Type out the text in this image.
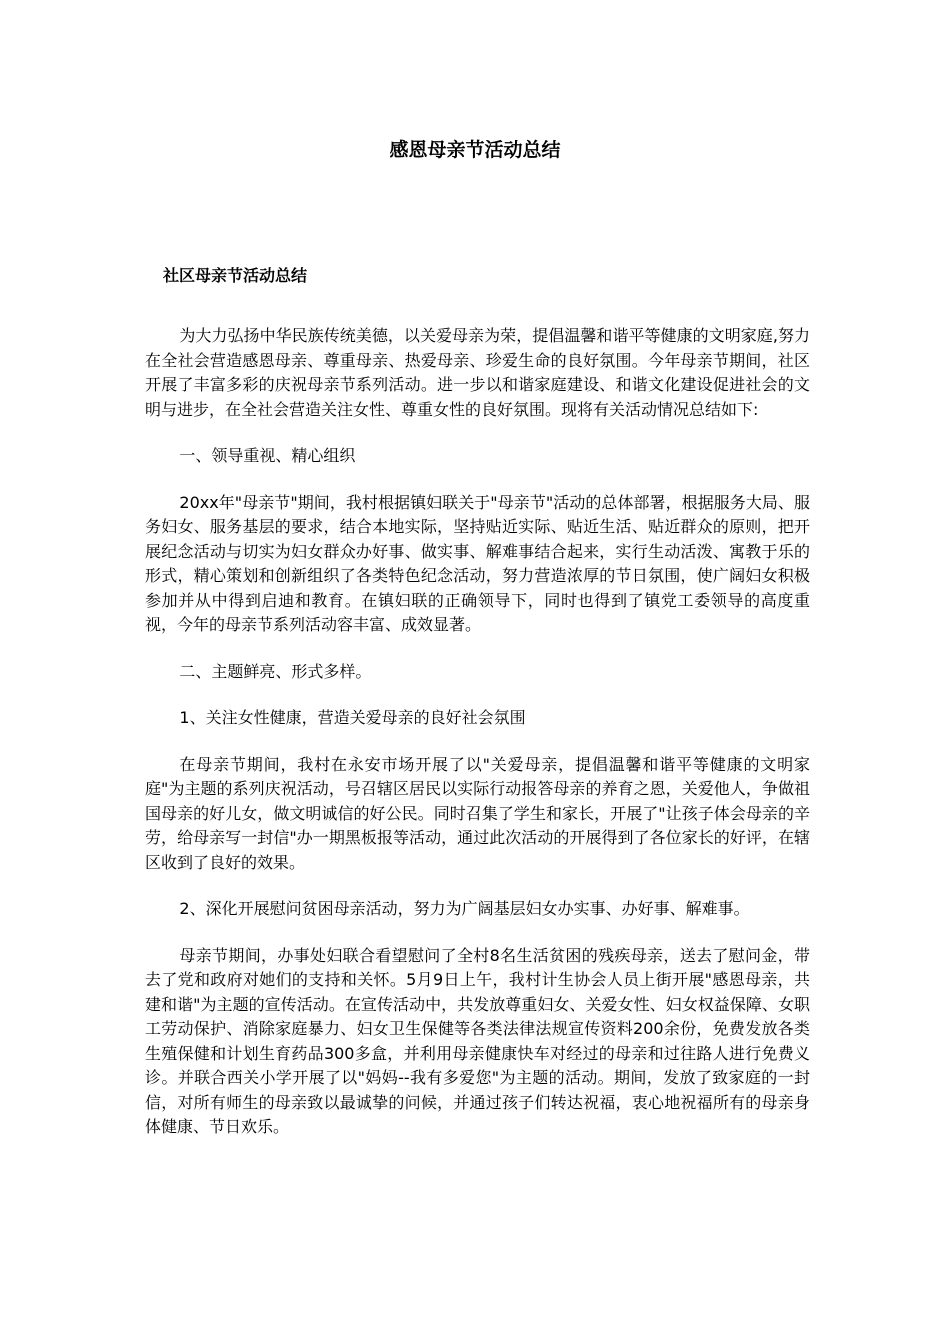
感恩母亲节活动总结
社区母亲节活动总结

为大力弘扬中华民族传统美德，以关爱母亲为荣，提倡温馨和谐平等健康的文明家庭,努力在全社会营造感恩母亲、尊重母亲、热爱母亲、珍爱生命的良好氛围。今年母亲节期间，社区开展了丰富多彩的庆祝母亲节系列活动。进一步以和谐家庭建设、和谐文化建设促进社会的文明与进步，在全社会营造关注女性、尊重女性的良好氛围。现将有关活动情况总结如下:

一、领导重视、精心组织

20xx年"母亲节"期间，我村根据镇妇联关于"母亲节"活动的总体部署，根据服务大局、服务妇女、服务基层的要求，结合本地实际，坚持贴近实际、贴近生活、贴近群众的原则，把开展纪念活动与切实为妇女群众办好事、做实事、解难事结合起来，实行生动活泼、寓教于乐的形式，精心策划和创新组织了各类特色纪念活动，努力营造浓厚的节日氛围，使广阔妇女积极参加并从中得到启迪和教育。在镇妇联的正确领导下，同时也得到了镇党工委领导的高度重视，今年的母亲节系列活动容丰富、成效显著。

二、主题鲜亮、形式多样。

1、关注女性健康，营造关爱母亲的良好社会氛围

在母亲节期间，我村在永安市场开展了以"关爱母亲，提倡温馨和谐平等健康的文明家庭"为主题的系列庆祝活动，号召辖区居民以实际行动报答母亲的养育之恩，关爱他人，争做祖国母亲的好儿女，做文明诚信的好公民。同时召集了学生和家长，开展了"让孩子体会母亲的辛劳，给母亲写一封信"办一期黑板报等活动，通过此次活动的开展得到了各位家长的好评，在辖区收到了良好的效果。

2、深化开展慰问贫困母亲活动，努力为广阔基层妇女办实事、办好事、解难事。

母亲节期间，办事处妇联合看望慰问了全村8名生活贫困的残疾母亲，送去了慰问金，带去了党和政府对她们的支持和关怀。5月9日上午，我村计生协会人员上街开展"感恩母亲，共建和谐"为主题的宣传活动。在宣传活动中，共发放尊重妇女、关爱女性、妇女权益保障、女职工劳动保护、消除家庭暴力、妇女卫生保健等各类法律法规宣传资料200余份，免费发放各类生殖保健和计划生育药品300多盒，并利用母亲健康快车对经过的母亲和过往路人进行免费义诊。并联合西关小学开展了以"妈妈--我有多爱您"为主题的活动。期间，发放了致家庭的一封信，对所有师生的母亲致以最诚挚的问候，并通过孩子们转达祝福，衷心地祝福所有的母亲身体健康、节日欢乐。
